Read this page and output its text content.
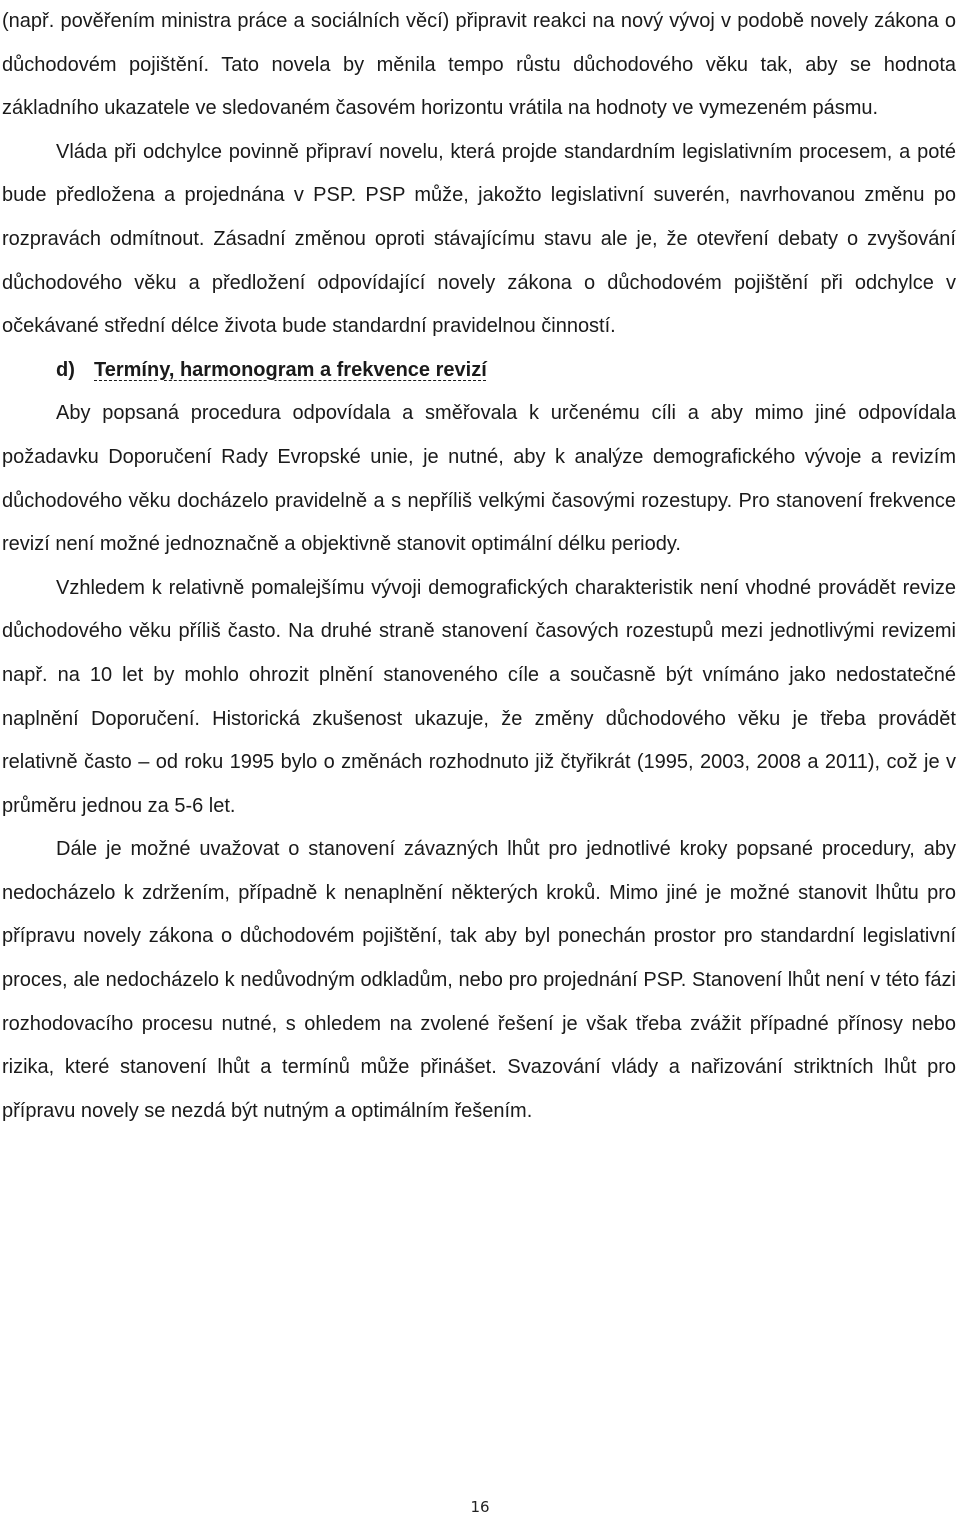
(např. pověřením ministra práce a sociálních věcí) připravit reakci na nový vývoj v podobě novely zákona o důchodovém pojištění. Tato novela by měnila tempo růstu důchodového věku tak, aby se hodnota základního ukazatele ve sledovaném časovém horizontu vrátila na hodnoty ve vymezeném pásmu.

Vláda při odchylce povinně připraví novelu, která projde standardním legislativním procesem, a poté bude předložena a projednána v PSP. PSP může, jakožto legislativní suverén, navrhovanou změnu po rozpravách odmítnout. Zásadní změnou oproti stávajícímu stavu ale je, že otevření debaty o zvyšování důchodového věku a předložení odpovídající novely zákona o důchodovém pojištění při odchylce v očekávané střední délce života bude standardní pravidelnou činností.

d) Termíny, harmonogram a frekvence revizí

Aby popsaná procedura odpovídala a směřovala k určenému cíli a aby mimo jiné odpovídala požadavku Doporučení Rady Evropské unie, je nutné, aby k analýze demografického vývoje a revizím důchodového věku docházelo pravidelně a s nepříliš velkými časovými rozestupy. Pro stanovení frekvence revizí není možné jednoznačně a objektivně stanovit optimální délku periody.

Vzhledem k relativně pomalejšímu vývoji demografických charakteristik není vhodné provádět revize důchodového věku příliš často. Na druhé straně stanovení časových rozestupů mezi jednotlivými revizemi např. na 10 let by mohlo ohrozit plnění stanoveného cíle a současně být vnímáno jako nedostatečné naplnění Doporučení. Historická zkušenost ukazuje, že změny důchodového věku je třeba provádět relativně často – od roku 1995 bylo o změnách rozhodnuto již čtyřikrát (1995, 2003, 2008 a 2011), což je v průměru jednou za 5-6 let.

Dále je možné uvažovat o stanovení závazných lhůt pro jednotlivé kroky popsané procedury, aby nedocházelo k zdržením, případně k nenaplnění některých kroků. Mimo jiné je možné stanovit lhůtu pro přípravu novely zákona o důchodovém pojištění, tak aby byl ponechán prostor pro standardní legislativní proces, ale nedocházelo k nedůvodným odkladům, nebo pro projednání PSP. Stanovení lhůt není v této fázi rozhodovacího procesu nutné, s ohledem na zvolené řešení je však třeba zvážit případné přínosy nebo rizika, které stanovení lhůt a termínů může přinášet. Svazování vlády a nařizování striktních lhůt pro přípravu novely se nezdá být nutným a optimálním řešením.

16
